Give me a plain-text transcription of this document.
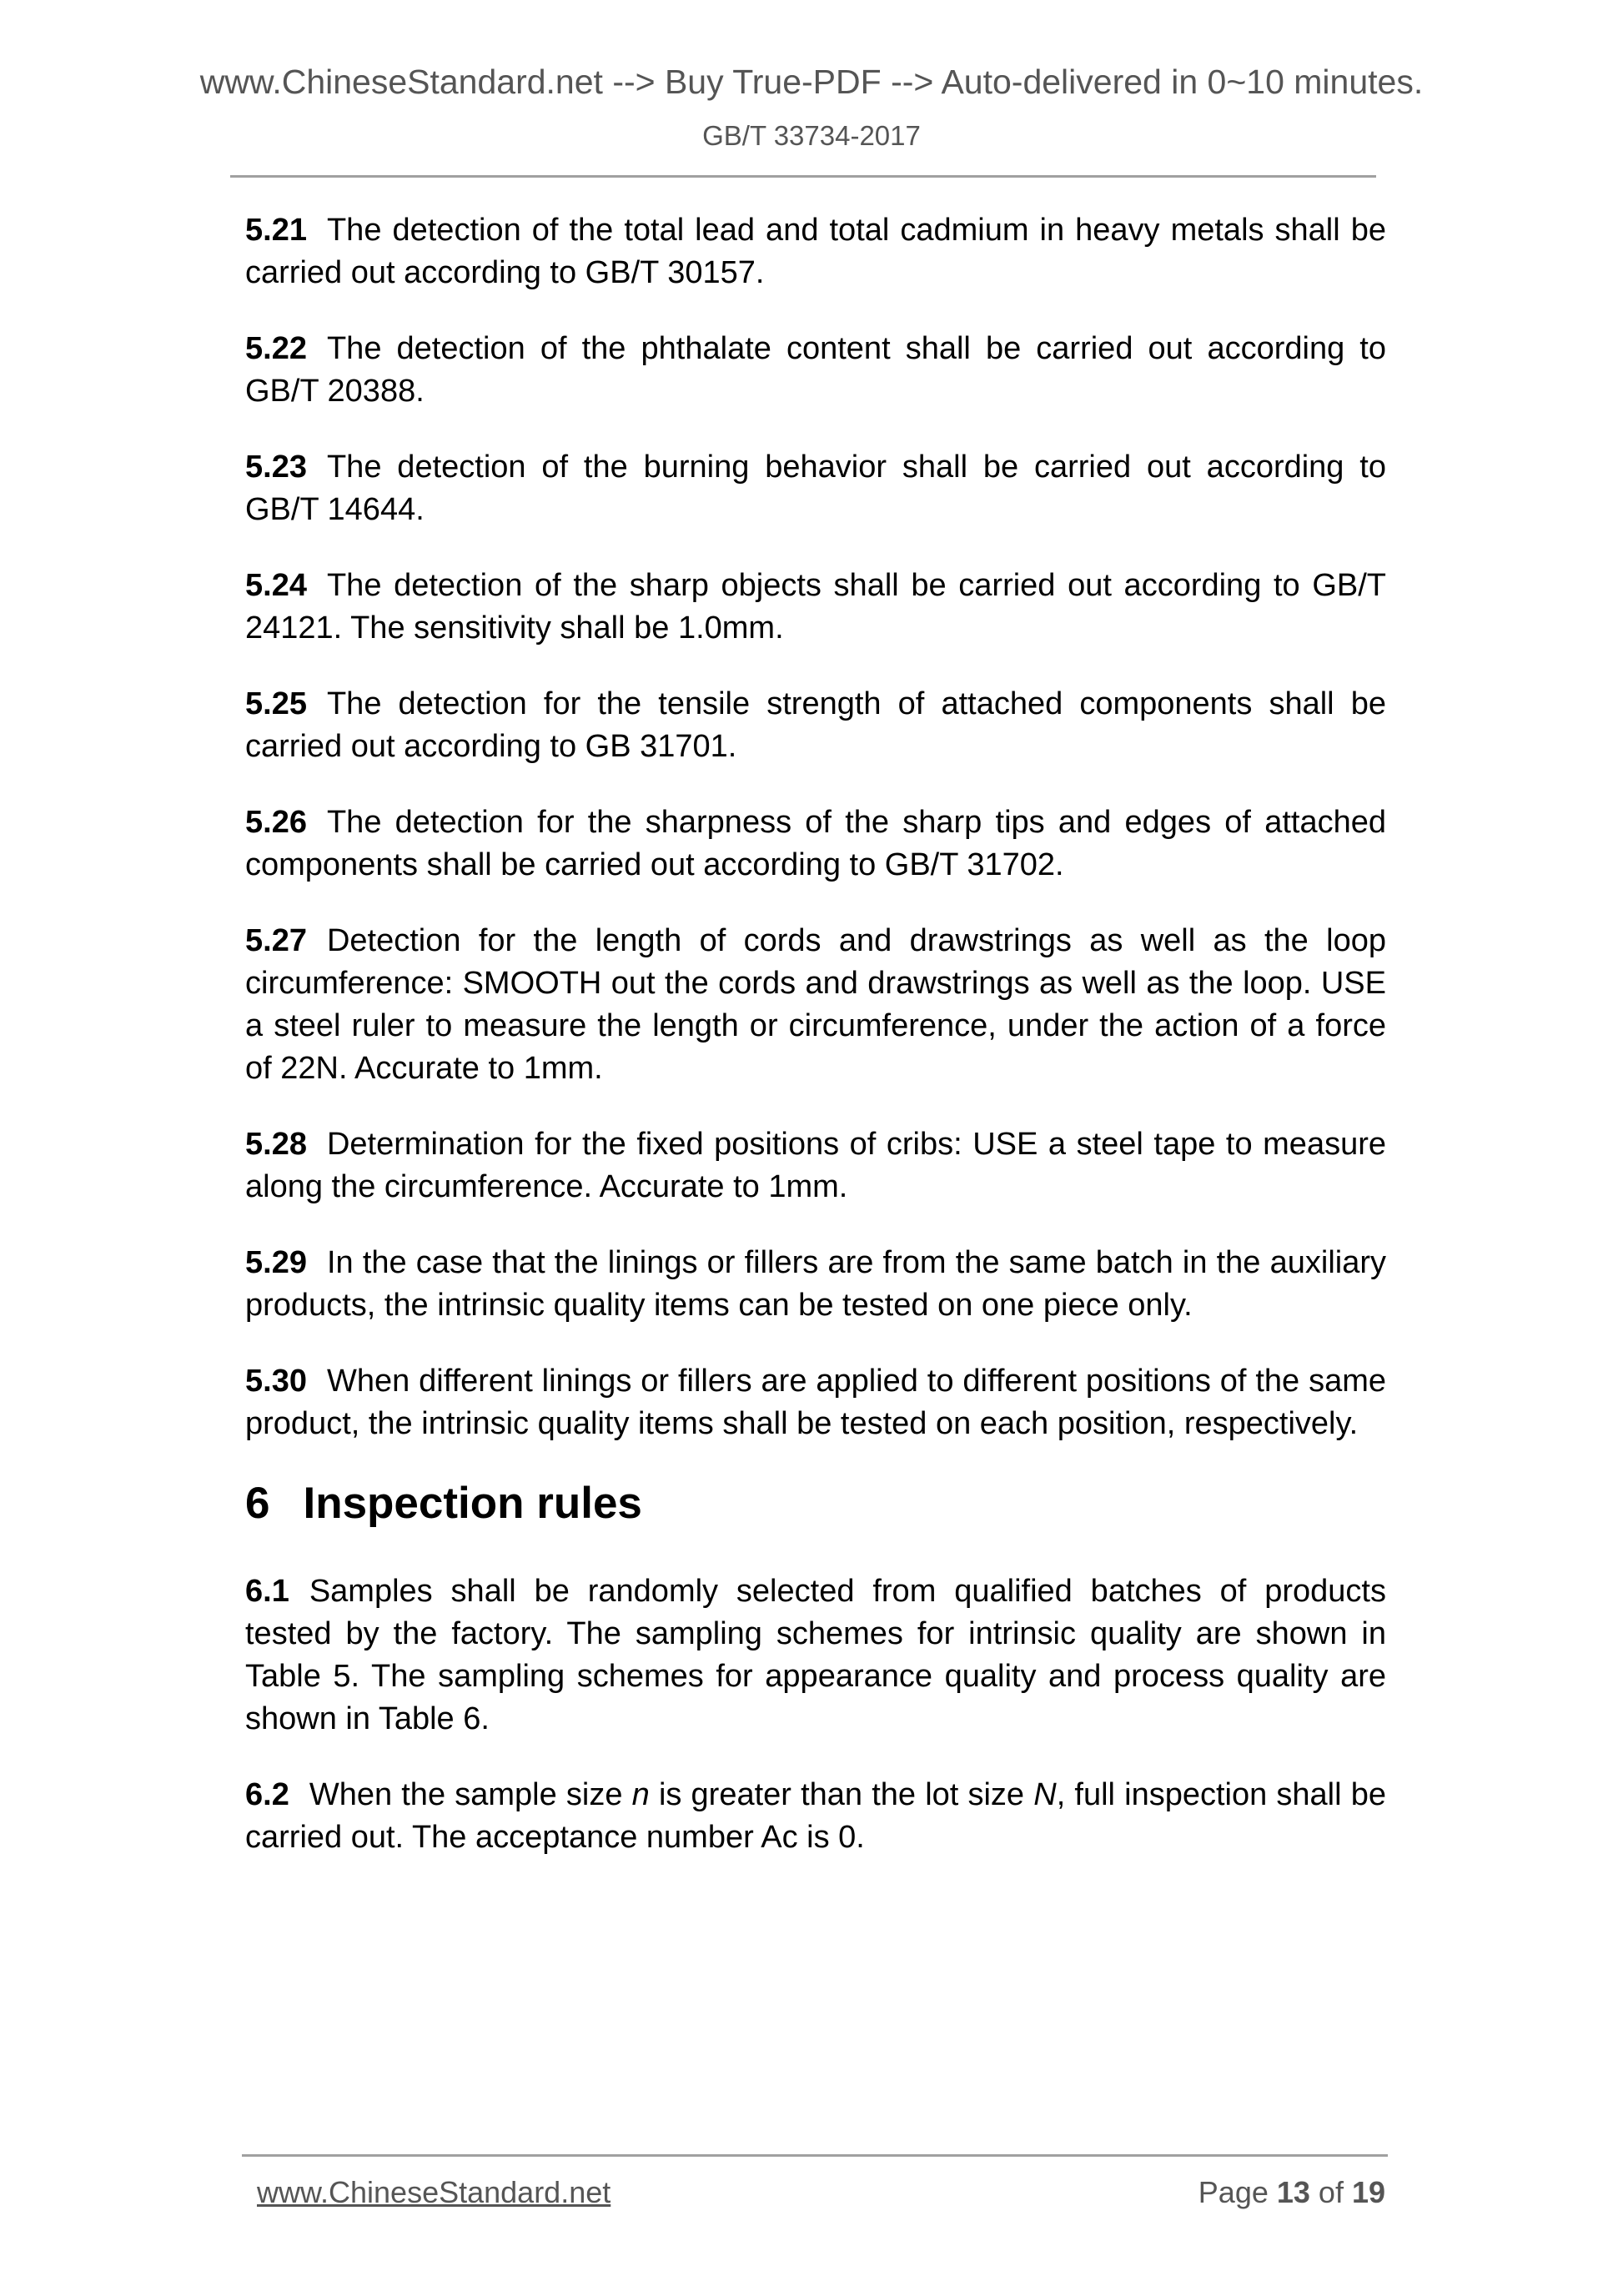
www.ChineseStandard.net --> Buy True-PDF --> Auto-delivered in 0~10 minutes.
GB/T 33734-2017

5.21 The detection of the total lead and total cadmium in heavy metals shall be carried out according to GB/T 30157.

5.22 The detection of the phthalate content shall be carried out according to GB/T 20388.

5.23 The detection of the burning behavior shall be carried out according to GB/T 14644.

5.24 The detection of the sharp objects shall be carried out according to GB/T 24121. The sensitivity shall be 1.0mm.

5.25 The detection for the tensile strength of attached components shall be carried out according to GB 31701.

5.26 The detection for the sharpness of the sharp tips and edges of attached components shall be carried out according to GB/T 31702.

5.27 Detection for the length of cords and drawstrings as well as the loop circumference: SMOOTH out the cords and drawstrings as well as the loop. USE a steel ruler to measure the length or circumference, under the action of a force of 22N. Accurate to 1mm.

5.28 Determination for the fixed positions of cribs: USE a steel tape to measure along the circumference. Accurate to 1mm.

5.29 In the case that the linings or fillers are from the same batch in the auxiliary products, the intrinsic quality items can be tested on one piece only.

5.30 When different linings or fillers are applied to different positions of the same product, the intrinsic quality items shall be tested on each position, respectively.

6 Inspection rules

6.1 Samples shall be randomly selected from qualified batches of products tested by the factory. The sampling schemes for intrinsic quality are shown in Table 5. The sampling schemes for appearance quality and process quality are shown in Table 6.

6.2 When the sample size n is greater than the lot size N, full inspection shall be carried out. The acceptance number Ac is 0.

www.ChineseStandard.net	Page 13 of 19
